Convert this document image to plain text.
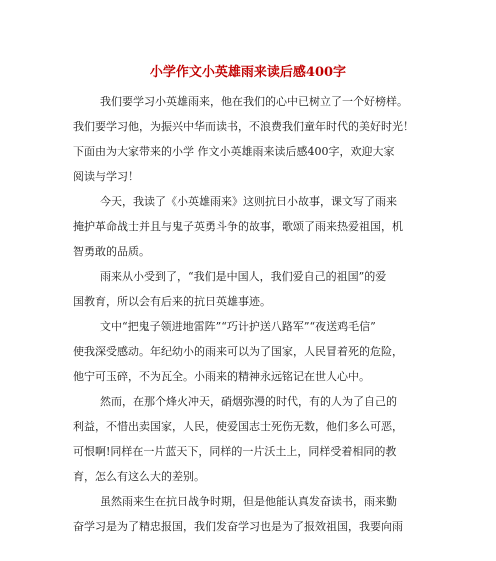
小学作文小英雄雨来读后感400字
我们要学习小英雄雨来，他在我们的心中已树立了一个好榜样。
我们要学习他，为振兴中华而读书，不浪费我们童年时代的美好时光！
下面由为大家带来的小学 作文小英雄雨来读后感400字，欢迎大家
阅读与学习！
今天，我读了《小英雄雨来》这则抗日小故事，课文写了雨来
掩护革命战士并且与鬼子英勇斗争的故事，歌颂了雨来热爱祖国，机
智勇敢的品质。
雨来从小受到了，“我们是中国人，我们爱自己的祖国”的爱
国教育，所以会有后来的抗日英雄事迹。
文中“把鬼子领进地雷阵”“巧计护送八路军”“夜送鸡毛信”
使我深受感动。年纪幼小的雨来可以为了国家，人民冒着死的危险，
他宁可玉碎，不为瓦全。小雨来的精神永远铭记在世人心中。
然而，在那个烽火冲天，硝烟弥漫的时代，有的人为了自己的
利益，不惜出卖国家，人民，使爱国志士死伤无数，他们多么可恶，
可恨啊!同样在一片蓝天下，同样的一片沃土上，同样受着相同的教
育，怎么有这么大的差别。
虽然雨来生在抗日战争时期，但是他能认真发奋读书，雨来勤
奋学习是为了精忠报国，我们发奋学习也是为了报效祖国，我要向雨
